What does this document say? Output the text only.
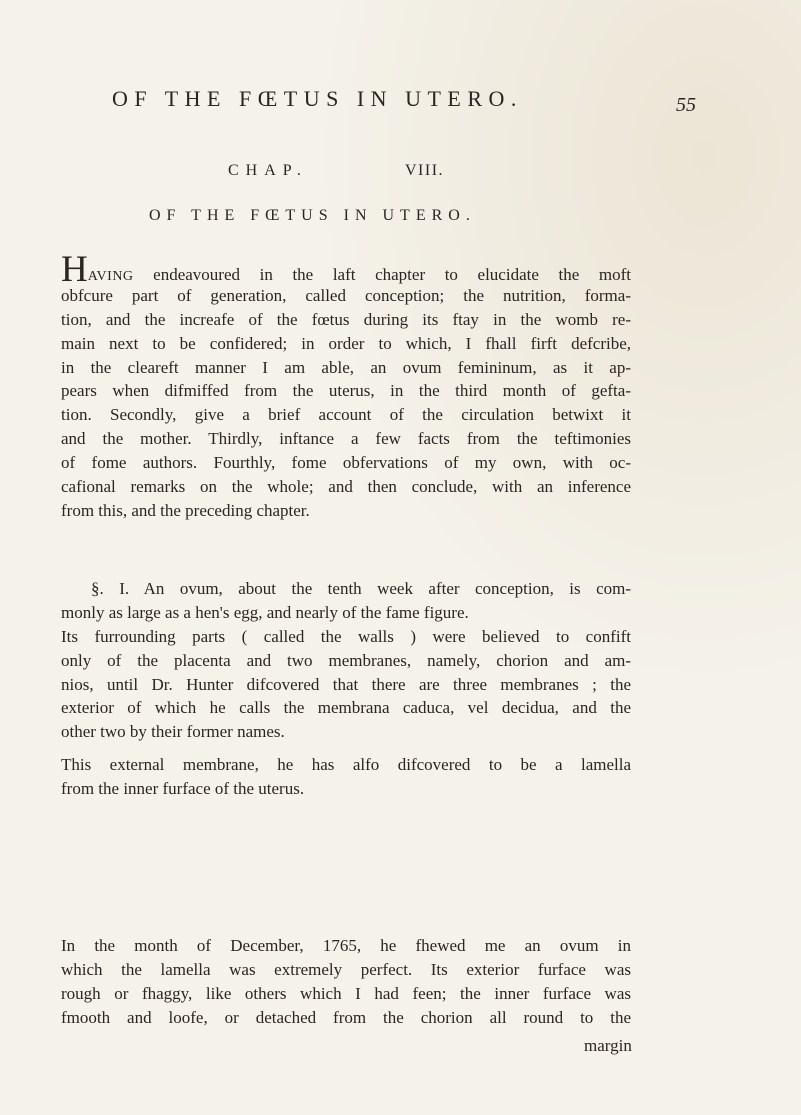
OF THE FŒTUS IN UTERO.	55
CHAP.	VIII.
OF THE FŒTUS IN UTERO.
HAVING endeavoured in the laft chapter to elucidate the moft
obfcure part of generation, called conception; the nutrition, forma-
tion, and the increafe of the fœtus during its ftay in the womb re-
main next to be confidered; in order to which, I fhall firft defcribe,
in the cleareft manner I am able, an ovum femininum, as it ap-
pears when difmiffed from the uterus, in the third month of gefta-
tion. Secondly, give a brief account of the circulation betwixt it
and the mother. Thirdly, inftance a few facts from the teftimonies
of fome authors. Fourthly, fome obfervations of my own, with oc-
cafional remarks on the whole; and then conclude, with an inference
from this, and the preceding chapter.
§. I. An ovum, about the tenth week after conception, is com-
monly as large as a hen's egg, and nearly of the fame figure.
Its furrounding parts ( called the walls ) were believed to confift
only of the placenta and two membranes, namely, chorion and am-
nios, until Dr. Hunter difcovered that there are three membranes ; the
exterior of which he calls the membrana caduca, vel decidua, and the
other two by their former names.
This external membrane, he has alfo difcovered to be a lamella
from the inner furface of the uterus.
In the month of December, 1765, he fhewed me an ovum in
which the lamella was extremely perfect. Its exterior furface was
rough or fhaggy, like others which I had feen; the inner furface was
fmooth and loofe, or detached from the chorion all round to the
margin
